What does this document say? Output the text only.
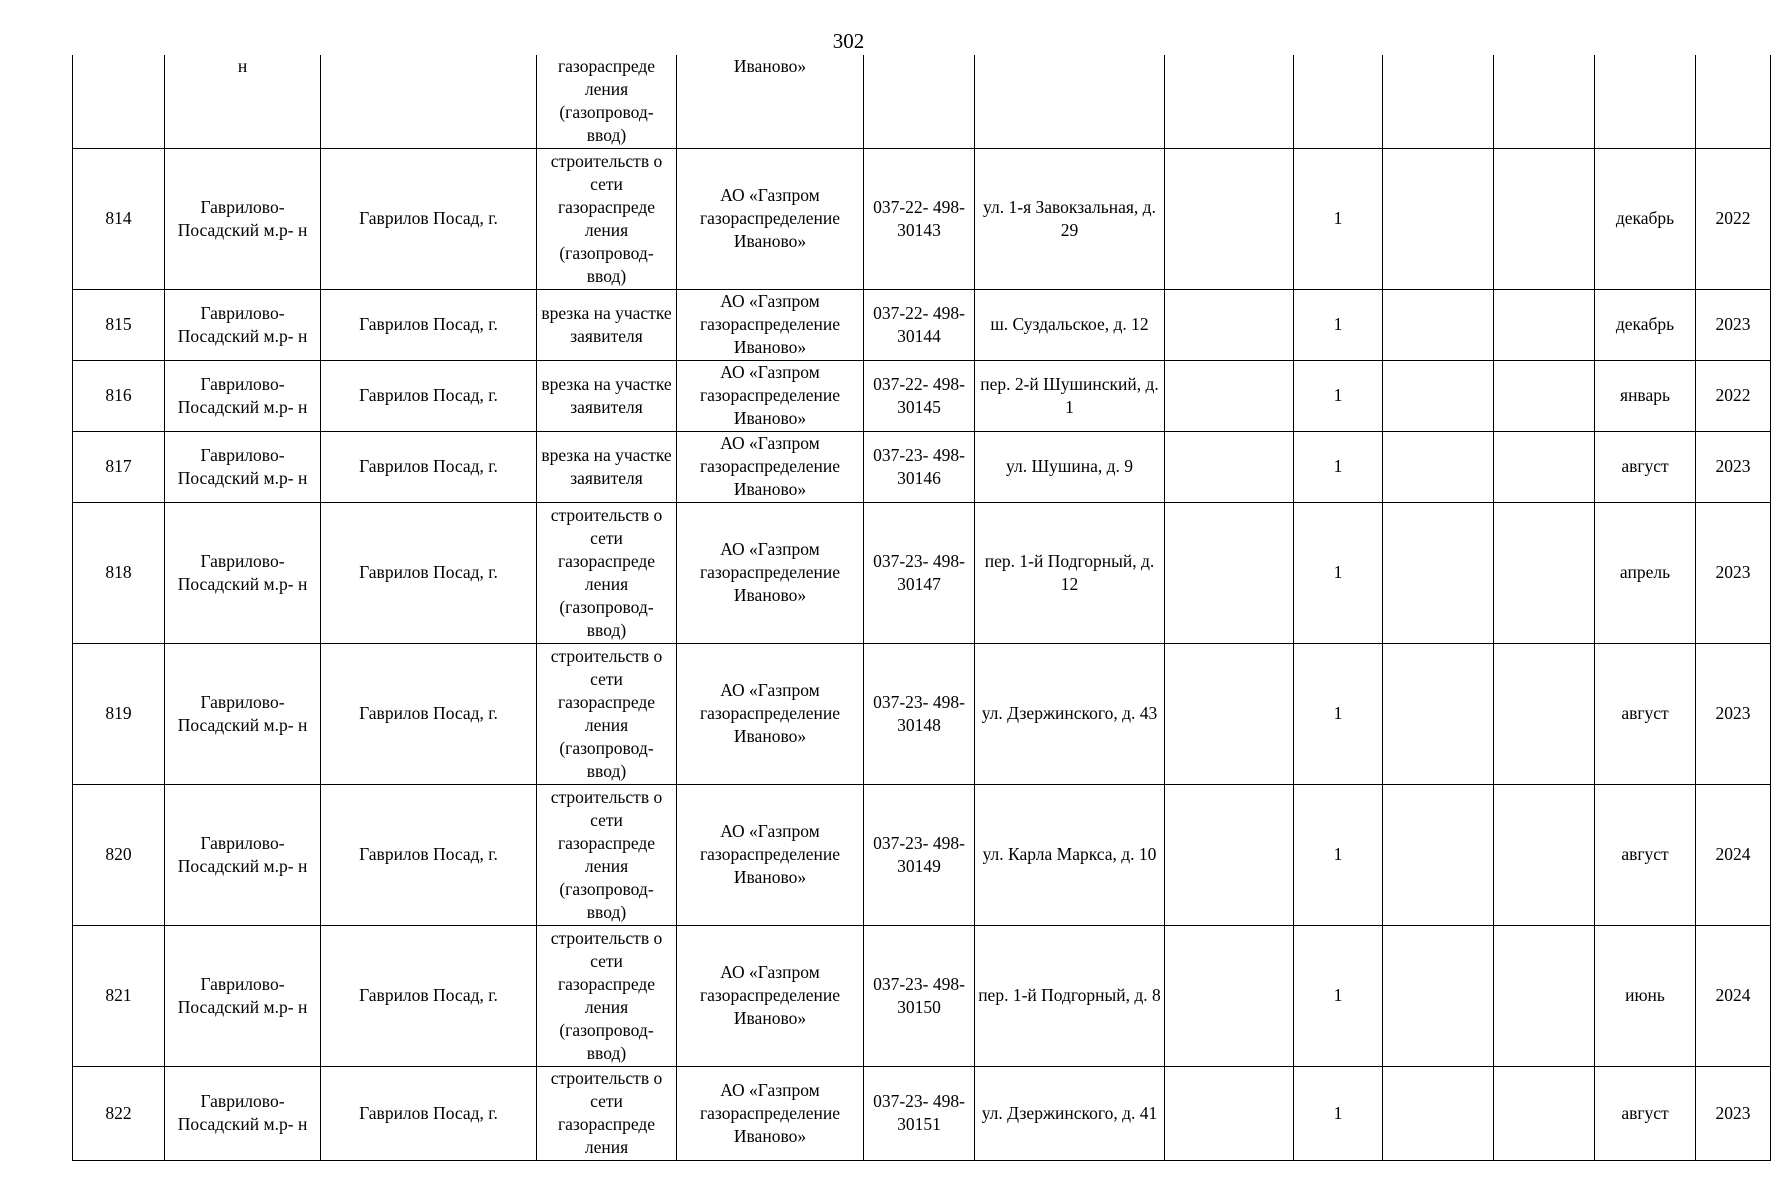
302

	н		газораспреде ления (газопровод- ввод)	Иваново»								

814	Гаврилово- Посадский м.р- н	Гаврилов Посад, г.	строительств о сети газораспреде ления (газопровод- ввод)	АО «Газпром газораспределение Иваново»	037-22- 498-30143	ул. 1-я Завокзальная, д. 29		1			декабрь	2022

815	Гаврилово- Посадский м.р- н	Гаврилов Посад, г.	врезка на участке заявителя	АО «Газпром газораспределение Иваново»	037-22- 498-30144	ш. Суздальское, д. 12		1			декабрь	2023

816	Гаврилово- Посадский м.р- н	Гаврилов Посад, г.	врезка на участке заявителя	АО «Газпром газораспределение Иваново»	037-22- 498-30145	пер. 2-й Шушинский, д. 1		1			январь	2022

817	Гаврилово- Посадский м.р- н	Гаврилов Посад, г.	врезка на участке заявителя	АО «Газпром газораспределение Иваново»	037-23- 498-30146	ул. Шушина, д. 9		1			август	2023

818	Гаврилово- Посадский м.р- н	Гаврилов Посад, г.	строительств о сети газораспреде ления (газопровод- ввод)	АО «Газпром газораспределение Иваново»	037-23- 498-30147	пер. 1-й Подгорный, д. 12		1			апрель	2023

819	Гаврилово- Посадский м.р- н	Гаврилов Посад, г.	строительств о сети газораспреде ления (газопровод- ввод)	АО «Газпром газораспределение Иваново»	037-23- 498-30148	ул. Дзержинского, д. 43		1			август	2023

820	Гаврилово- Посадский м.р- н	Гаврилов Посад, г.	строительств о сети газораспреде ления (газопровод- ввод)	АО «Газпром газораспределение Иваново»	037-23- 498-30149	ул. Карла Маркса, д. 10		1			август	2024

821	Гаврилово- Посадский м.р- н	Гаврилов Посад, г.	строительств о сети газораспреде ления (газопровод- ввод)	АО «Газпром газораспределение Иваново»	037-23- 498-30150	пер. 1-й Подгорный, д. 8		1			июнь	2024

822	Гаврилово- Посадский м.р- н	Гаврилов Посад, г.	строительств о сети газораспреде ления	АО «Газпром газораспределение Иваново»	037-23- 498-30151	ул. Дзержинского, д. 41		1			август	2023
